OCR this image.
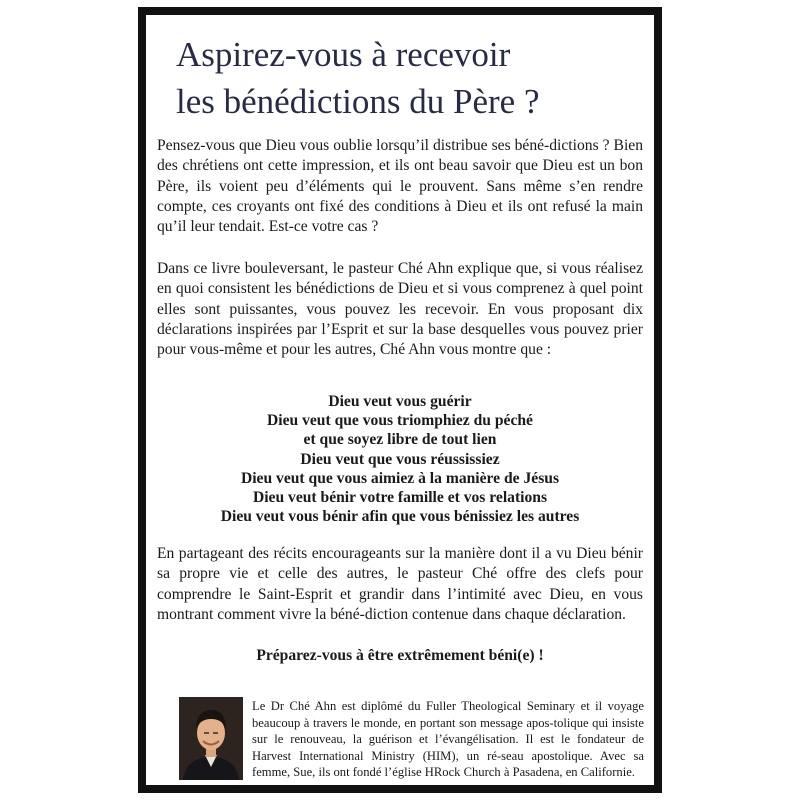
Aspirez-vous à recevoir
les bénédictions du Père ?

Pensez-vous que Dieu vous oublie lorsqu’il distribue ses béné-dictions ? Bien des chrétiens ont cette impression, et ils ont beau savoir que Dieu est un bon Père, ils voient peu d’éléments qui le prouvent. Sans même s’en rendre compte, ces croyants ont fixé des conditions à Dieu et ils ont refusé la main qu’il leur tendait. Est-ce votre cas ?

Dans ce livre bouleversant, le pasteur Ché Ahn explique que, si vous réalisez en quoi consistent les bénédictions de Dieu et si vous comprenez à quel point elles sont puissantes, vous pouvez les recevoir. En vous proposant dix déclarations inspirées par l’Esprit et sur la base desquelles vous pouvez prier pour vous-même et pour les autres, Ché Ahn vous montre que :

Dieu veut vous guérir
Dieu veut que vous triomphiez du péché
et que soyez libre de tout lien
Dieu veut que vous réussissiez
Dieu veut que vous aimiez à la manière de Jésus
Dieu veut bénir votre famille et vos relations
Dieu veut vous bénir afin que vous bénissiez les autres

En partageant des récits encourageants sur la manière dont il a vu Dieu bénir sa propre vie et celle des autres, le pasteur Ché offre des clefs pour comprendre le Saint-Esprit et grandir dans l’intimité avec Dieu, en vous montrant comment vivre la béné-diction contenue dans chaque déclaration.

Préparez-vous à être extrêmement béni(e) !

Le Dr Ché Ahn est diplômé du Fuller Theological Seminary et il voyage beaucoup à travers le monde, en portant son message apos-tolique qui insiste sur le renouveau, la guérison et l’évangélisation. Il est le fondateur de Harvest International Ministry (HIM), un ré-seau apostolique. Avec sa femme, Sue, ils ont fondé l’église HRock Church à Pasadena, en Californie.
